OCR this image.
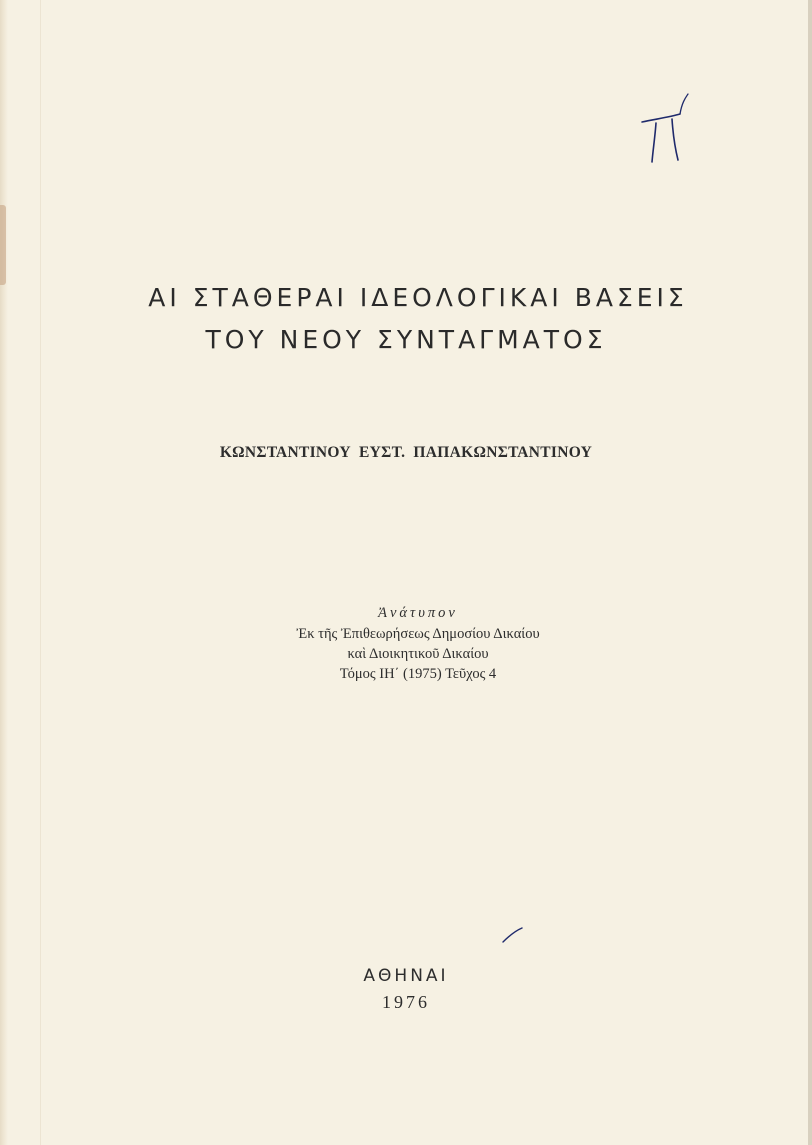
ΑΙ ΣΤΑΘΕΡΑΙ ΙΔΕΟΛΟΓΙΚΑΙ ΒΑΣΕΙΣ
ΤΟΥ ΝΕΟΥ ΣΥΝΤΑΓΜΑΤΟΣ
ΚΩΝΣΤΑΝΤΙΝΟΥ ΕΥΣΤ. ΠΑΠΑΚΩΝΣΤΑΝΤΙΝΟΥ
Ἀνάτυπον
Ἐκ τῆς Ἐπιθεωρήσεως Δημοσίου Δικαίου
καὶ Διοικητικοῦ Δικαίου
Τόμος ΙΗ΄ (1975) Τεῦχος 4
ΑΘΗΝΑΙ
1976
